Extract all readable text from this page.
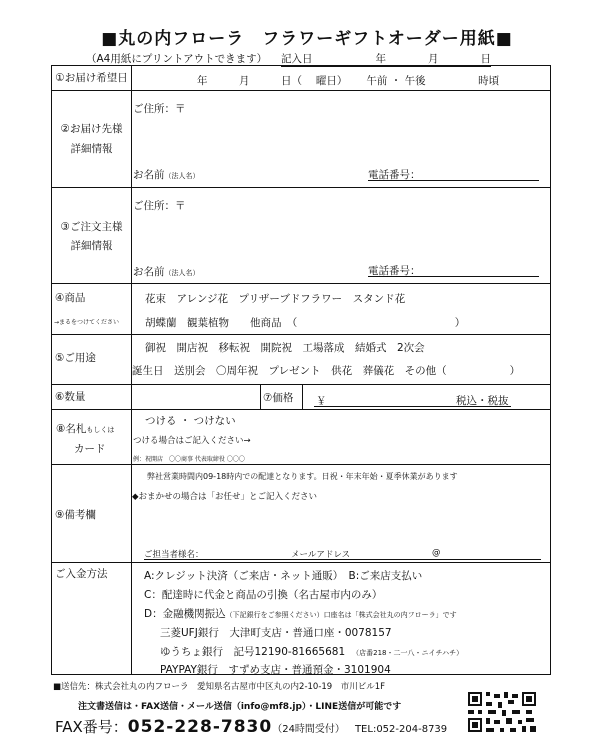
■丸の内フローラ　フラワーギフトオーダー用紙■
（A4用紙にプリントアウトできます） 記入日　　　　　　年　　　　月　　　　日
①お届け希望日	年　　　月　　　日（　 曜日）　　 午前 ・ 午後　　　　　時頃
②お届け先様
詳細情報
ご住所：〒
お名前（法人名）	電話番号：
③ご注文主様
詳細情報
ご住所：〒
お名前（法人名）	電話番号：
④商品
→まるをつけてください
花束　アレンジ花　プリザーブドフラワー　スタンド花
胡蝶蘭　観葉植物　　他商品　（　　　　　　　　　　　　　　　）
⑤ご用途
御祝　開店祝　移転祝　開院祝　工場落成　結婚式　2次会
誕生日　送別会　〇周年祝　プレゼント　供花　葬儀花　その他（　　　　　　）
⑥数量	⑦価格 ￥	税込・税抜
⑧名札もしくは
カード
つける ・ つけない
つける場合はご記入ください→
例：祝開店　〇〇商事 代表取締役 〇〇〇
⑨備考欄
弊社営業時間内09-18時内での配達となります。日祝・年末年始・夏季休業があります
◆おまかせの場合は「お任せ」とご記入ください
ご担当者様名：	メールアドレス	@
ご入金方法	A:クレジット決済（ご来店・ネット通販）　B:ご来店支払い
C：配達時に代金と商品の引換（名古屋市内のみ）
D：金融機関振込（下記銀行をご参照ください）口座名は「株式会社丸の内フローラ」です
三菱UFJ銀行　大津町支店・普通口座・0078157
ゆうちょ銀行　記号12190-81665681　 （店番218・二一八・ニイチハチ）
PAYPAY銀行　すずめ支店・普通預金・3101904
■送信先：株式会社丸の内フローラ　愛知県名古屋市中区丸の内2-10-19　市川ビル1F
注文書送信は・FAX送信・メール送信（info@mf8.jp）・LINE送信が可能です
FAX番号：052-228-7830（24時間受付）　 TEL:052-204-8739
